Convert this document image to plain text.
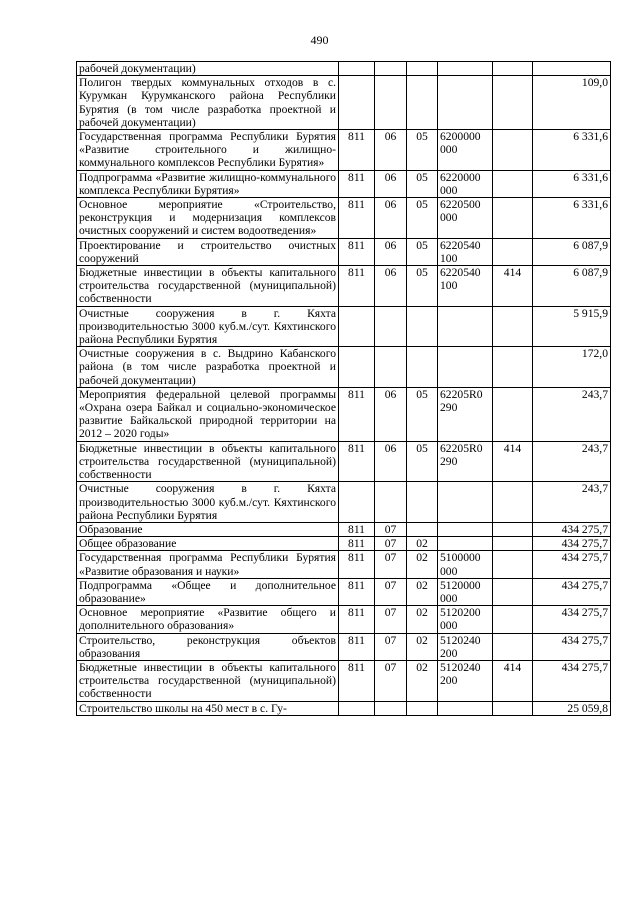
490
рабочей документации)						
Полигон твердых коммунальных отходов в с. Курумкан Курумканского района Республики Бурятия (в том числе разработка проектной и рабочей документации)						109,0
Государственная программа Республики Бурятия «Развитие строительного и жилищно-коммунального комплексов Республики Бурятия»	811	06	05	6200000 000		6 331,6
Подпрограмма «Развитие жилищно-коммунального комплекса Республики Бурятия»	811	06	05	6220000 000		6 331,6
Основное мероприятие «Строительство, реконструкция и модернизация комплексов очистных сооружений и систем водоотведения»	811	06	05	6220500 000		6 331,6
Проектирование и строительство очистных сооружений	811	06	05	6220540 100		6 087,9
Бюджетные инвестиции в объекты капитального строительства государственной (муниципальной) собственности	811	06	05	6220540 100	414	6 087,9
Очистные сооружения в г. Кяхта производительностью 3000 куб.м./сут. Кяхтинского района Республики Бурятия						5 915,9
Очистные сооружения в с. Выдрино Кабанского района (в том числе разработка проектной и рабочей документации)						172,0
Мероприятия федеральной целевой программы «Охрана озера Байкал и социально-экономическое развитие Байкальской природной территории на 2012 – 2020 годы»	811	06	05	62205R0 290		243,7
Бюджетные инвестиции в объекты капитального строительства государственной (муниципальной) собственности	811	06	05	62205R0 290	414	243,7
Очистные сооружения в г. Кяхта производительностью 3000 куб.м./сут. Кяхтинского района Республики Бурятия						243,7
Образование	811	07				434 275,7
Общее образование	811	07	02			434 275,7
Государственная программа Республики Бурятия «Развитие образования и науки»	811	07	02	5100000 000		434 275,7
Подпрограмма «Общее и дополнительное образование»	811	07	02	5120000 000		434 275,7
Основное мероприятие «Развитие общего и дополнительного образования»	811	07	02	5120200 000		434 275,7
Строительство, реконструкция объектов образования	811	07	02	5120240 200		434 275,7
Бюджетные инвестиции в объекты капитального строительства государственной (муниципальной) собственности	811	07	02	5120240 200	414	434 275,7
Строительство школы на 450 мест в с. Гу-						25 059,8
